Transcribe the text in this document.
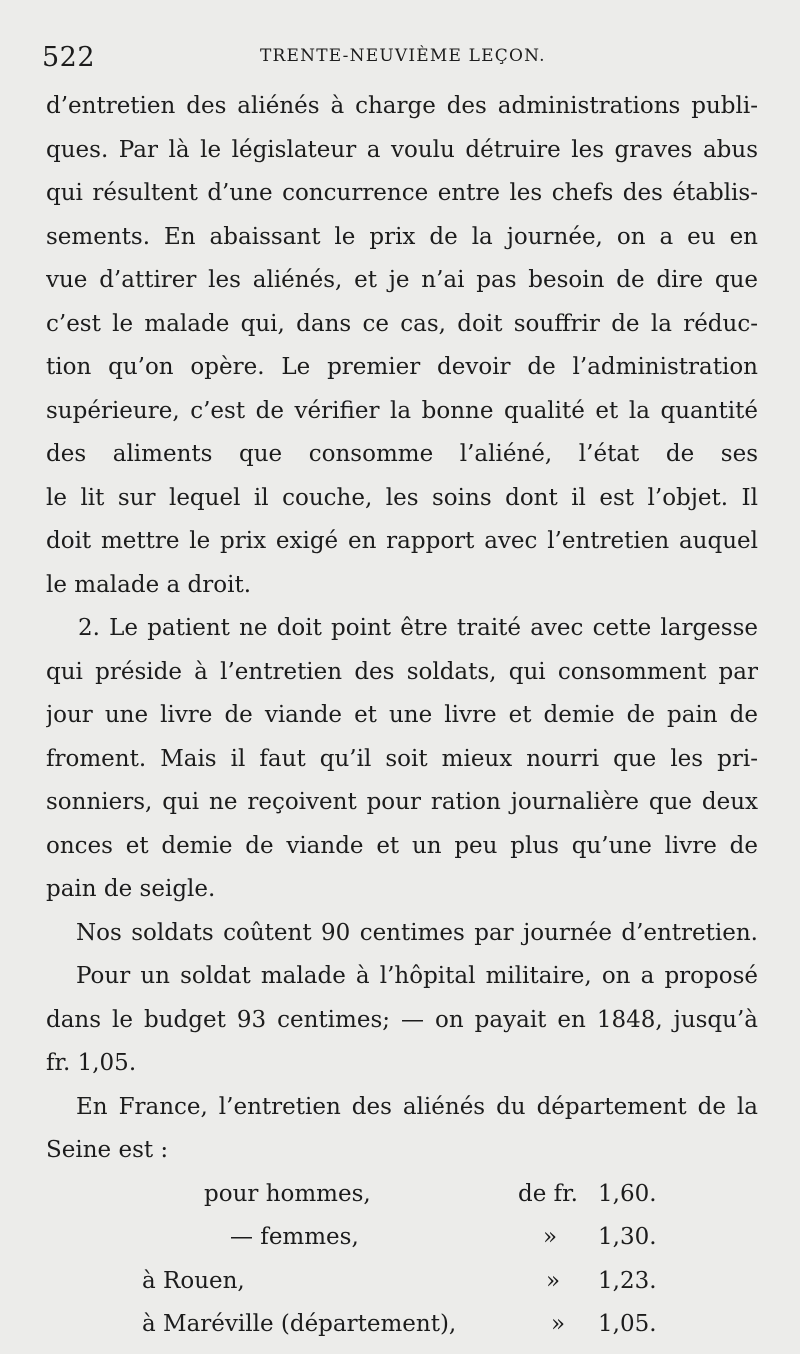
522	TRENTE-NEUVIÈME LEÇON.
d’entretien des aliénés à charge des administrations publi-
ques. Par là le législateur a voulu détruire les graves abus
qui résultent d’une concurrence entre les chefs des établis-
sements. En abaissant le prix de la journée, on a eu en
vue d’attirer les aliénés, et je n’ai pas besoin de dire que
c’est le malade qui, dans ce cas, doit souffrir de la réduc-
tion qu’on opère. Le premier devoir de l’administration
supérieure, c’est de vérifier la bonne qualité et la quantité
des aliments que consomme l’aliéné, l’état de ses
le lit sur lequel il couche, les soins dont il est l’objet. Il
doit mettre le prix exigé en rapport avec l’entretien auquel
le malade a droit.
2. Le patient ne doit point être traité avec cette largesse
qui préside à l’entretien des soldats, qui consomment par
jour une livre de viande et une livre et demie de pain de
froment. Mais il faut qu’il soit mieux nourri que les pri-
sonniers, qui ne reçoivent pour ration journalière que deux
onces et demie de viande et un peu plus qu’une livre de
pain de seigle.
Nos soldats coûtent 90 centimes par journée d’entretien.
Pour un soldat malade à l’hôpital militaire, on a proposé
dans le budget 93 centimes; — on payait en 1848, jusqu’à
fr. 1,05.
En France, l’entretien des aliénés du département de la
Seine est :
pour hommes,	de fr. 1,60.
— femmes,	» 1,30.
à Rouen,	» 1,23.
à Maréville (département),	» 1,05.
